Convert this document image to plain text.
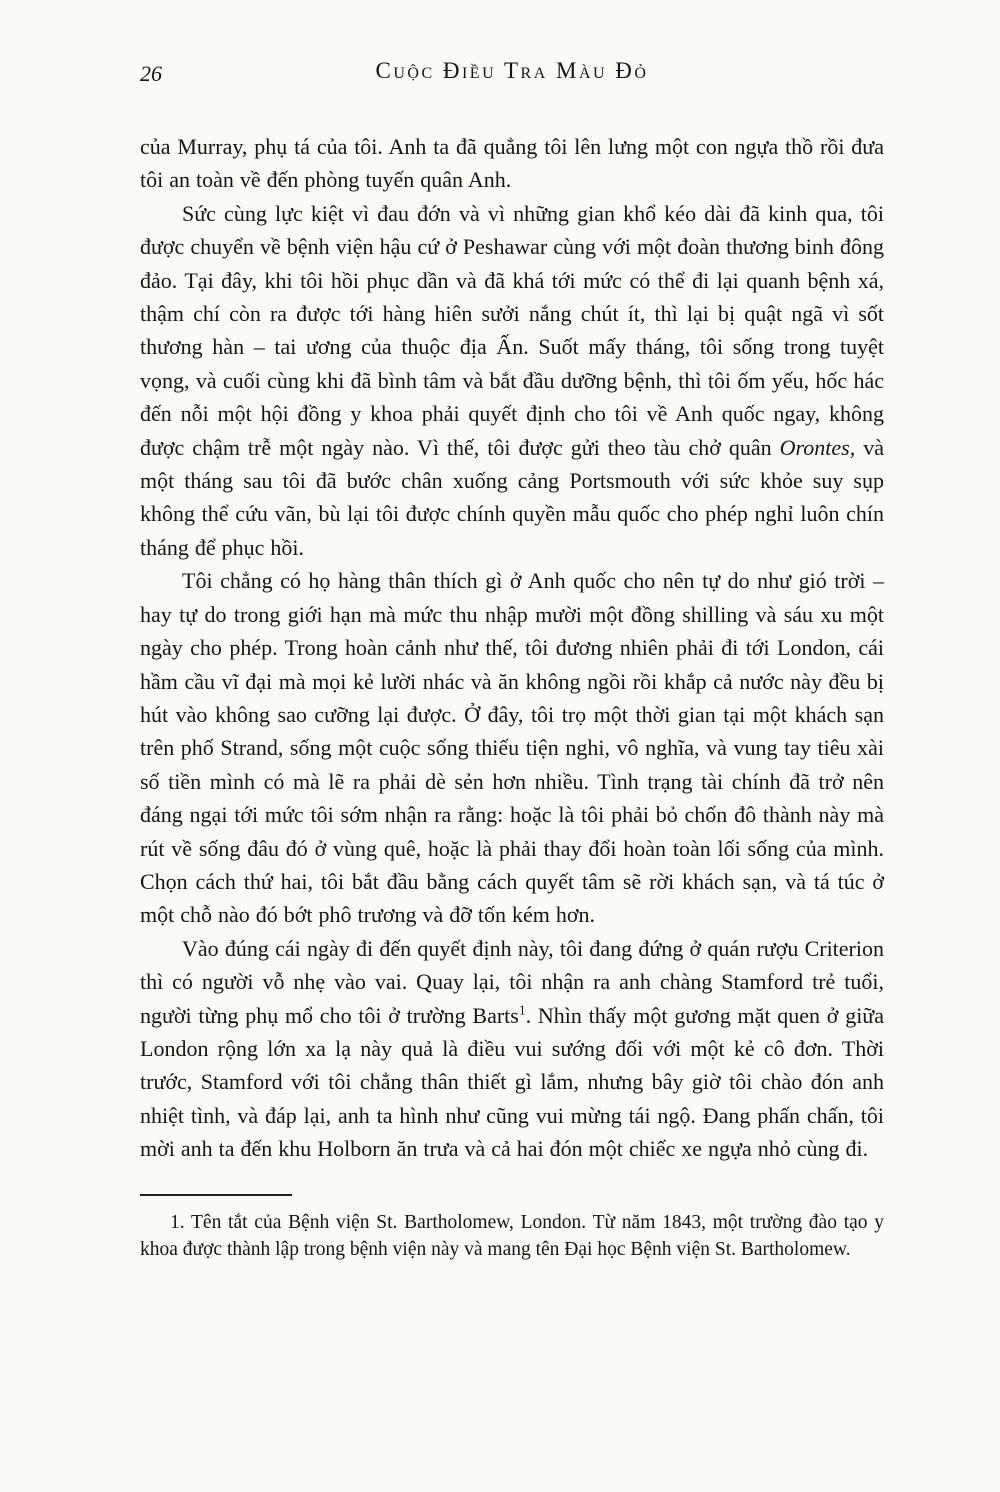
26	Cuộc Điều Tra Màu Đỏ

của Murray, phụ tá của tôi. Anh ta đã quẳng tôi lên lưng một con ngựa thồ rồi đưa tôi an toàn về đến phòng tuyến quân Anh.

Sức cùng lực kiệt vì đau đớn và vì những gian khổ kéo dài đã kinh qua, tôi được chuyển về bệnh viện hậu cứ ở Peshawar cùng với một đoàn thương binh đông đảo. Tại đây, khi tôi hồi phục dần và đã khá tới mức có thể đi lại quanh bệnh xá, thậm chí còn ra được tới hàng hiên sưởi nắng chút ít, thì lại bị quật ngã vì sốt thương hàn – tai ương của thuộc địa Ấn. Suốt mấy tháng, tôi sống trong tuyệt vọng, và cuối cùng khi đã bình tâm và bắt đầu dưỡng bệnh, thì tôi ốm yếu, hốc hác đến nỗi một hội đồng y khoa phải quyết định cho tôi về Anh quốc ngay, không được chậm trễ một ngày nào. Vì thế, tôi được gửi theo tàu chở quân Orontes, và một tháng sau tôi đã bước chân xuống cảng Portsmouth với sức khỏe suy sụp không thể cứu vãn, bù lại tôi được chính quyền mẫu quốc cho phép nghỉ luôn chín tháng để phục hồi.

Tôi chẳng có họ hàng thân thích gì ở Anh quốc cho nên tự do như gió trời – hay tự do trong giới hạn mà mức thu nhập mười một đồng shilling và sáu xu một ngày cho phép. Trong hoàn cảnh như thế, tôi đương nhiên phải đi tới London, cái hầm cầu vĩ đại mà mọi kẻ lười nhác và ăn không ngồi rồi khắp cả nước này đều bị hút vào không sao cưỡng lại được. Ở đây, tôi trọ một thời gian tại một khách sạn trên phố Strand, sống một cuộc sống thiếu tiện nghi, vô nghĩa, và vung tay tiêu xài số tiền mình có mà lẽ ra phải dè sẻn hơn nhiều. Tình trạng tài chính đã trở nên đáng ngại tới mức tôi sớm nhận ra rằng: hoặc là tôi phải bỏ chốn đô thành này mà rút về sống đâu đó ở vùng quê, hoặc là phải thay đổi hoàn toàn lối sống của mình. Chọn cách thứ hai, tôi bắt đầu bằng cách quyết tâm sẽ rời khách sạn, và tá túc ở một chỗ nào đó bớt phô trương và đỡ tốn kém hơn.

Vào đúng cái ngày đi đến quyết định này, tôi đang đứng ở quán rượu Criterion thì có người vỗ nhẹ vào vai. Quay lại, tôi nhận ra anh chàng Stamford trẻ tuổi, người từng phụ mổ cho tôi ở trường Barts$^1$. Nhìn thấy một gương mặt quen ở giữa London rộng lớn xa lạ này quả là điều vui sướng đối với một kẻ cô đơn. Thời trước, Stamford với tôi chẳng thân thiết gì lắm, nhưng bây giờ tôi chào đón anh nhiệt tình, và đáp lại, anh ta hình như cũng vui mừng tái ngộ. Đang phấn chấn, tôi mời anh ta đến khu Holborn ăn trưa và cả hai đón một chiếc xe ngựa nhỏ cùng đi.

1. Tên tắt của Bệnh viện St. Bartholomew, London. Từ năm 1843, một trường đào tạo y khoa được thành lập trong bệnh viện này và mang tên Đại học Bệnh viện St. Bartholomew.
